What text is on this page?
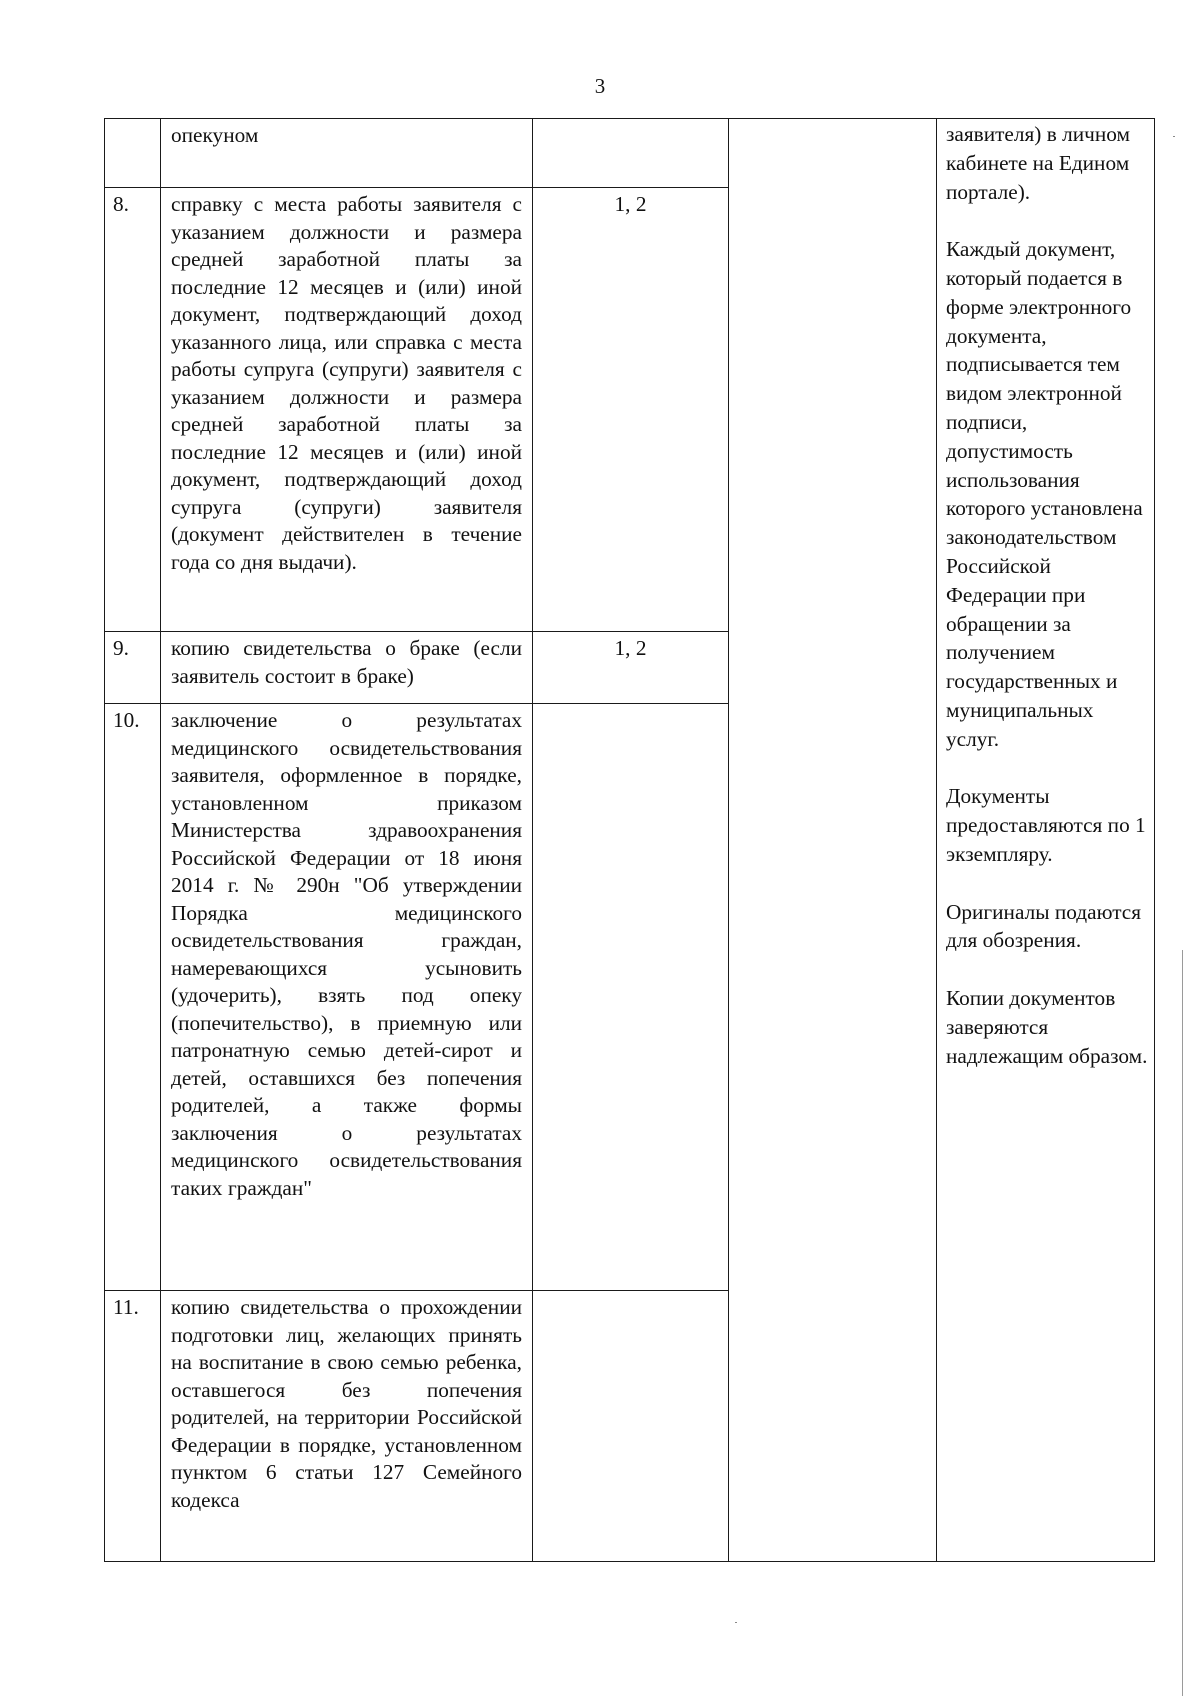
3

	опекуном			заявителя) в личном кабинете на Едином портале).

Каждый документ, который подается в форме электронного документа, подписывается тем видом электронной подписи, допустимость использования которого установлена законодательством Российской Федерации при обращении за получением государственных и муниципальных услуг.

Документы предоставляются по 1 экземпляру.

Оригиналы подаются для обозрения.

Копии документов заверяются надлежащим образом.

8.	справку с места работы заявителя с указанием должности и размера средней заработной платы за последние 12 месяцев и (или) иной документ, подтверждающий доход указанного лица, или справка с места работы супруга (супруги) заявителя с указанием должности и размера средней заработной платы за последние 12 месяцев и (или) иной документ, подтверждающий доход супруга (супруги) заявителя (документ действителен в течение года со дня выдачи).	1, 2		

9.	копию свидетельства о браке (если заявитель состоит в браке)	1, 2		

10.	заключение о результатах медицинского освидетельствования заявителя, оформленное в порядке, установленном приказом Министерства здравоохранения Российской Федерации от 18 июня 2014 г. № 290н "Об утверждении Порядка медицинского освидетельствования граждан, намеревающихся усыновить (удочерить), взять под опеку (попечительство), в приемную или патронатную семью детей-сирот и детей, оставшихся без попечения родителей, а также формы заключения о результатах медицинского освидетельствования таких граждан"			

11.	копию свидетельства о прохождении подготовки лиц, желающих принять на воспитание в свою семью ребенка, оставшегося без попечения родителей, на территории Российской Федерации в порядке, установленном пунктом 6 статьи 127 Семейного кодекса			
